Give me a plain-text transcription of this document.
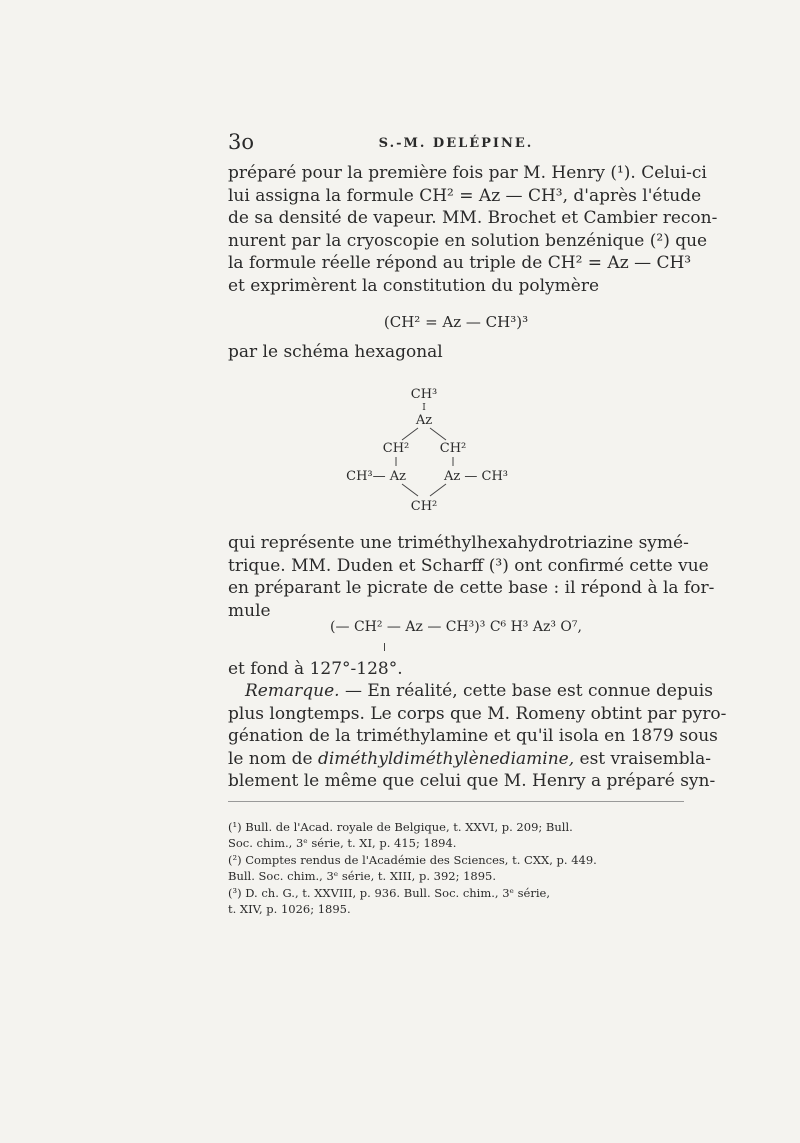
3o	S.-M. DELÉPINE.
préparé pour la première fois par M. Henry (¹). Celui-ci
lui assigna la formule CH² = Az — CH³, d'après l'étude
de sa densité de vapeur. MM. Brochet et Cambier recon-
nurent par la cryoscopie en solution benzénique (²) que
la formule réelle répond au triple de CH² = Az — CH³
et exprimèrent la constitution du polymère
(CH² = Az — CH³)³
par le schéma hexagonal
CH³
I
Az
CH² CH²
CH³— Az	Az — CH³
CH²
qui représente une triméthylhexahydrotriazine symé-
trique. MM. Duden et Scharff (³) ont confirmé cette vue
en préparant le picrate de cette base : il répond à la for-
mule
(— CH² — Az — CH³)³ C⁶ H³ Az³ O⁷,
et fond à 127°-128°.
 Remarque. — En réalité, cette base est connue depuis
plus longtemps. Le corps que M. Romeny obtint par pyro-
génation de la triméthylamine et qu'il isola en 1879 sous
le nom de diméthyldiméthylènediamine, est vraisembla-
blement le même que celui que M. Henry a préparé syn-
(¹) Bull. de l'Acad. royale de Belgique, t. XXVI, p. 209; Bull.
Soc. chim., 3ᵉ série, t. XI, p. 415; 1894.
(²) Comptes rendus de l'Académie des Sciences, t. CXX, p. 449.
Bull. Soc. chim., 3ᵉ série, t. XIII, p. 392; 1895.
(³) D. ch. G., t. XXVIII, p. 936. Bull. Soc. chim., 3ᵉ série,
t. XIV, p. 1026; 1895.
